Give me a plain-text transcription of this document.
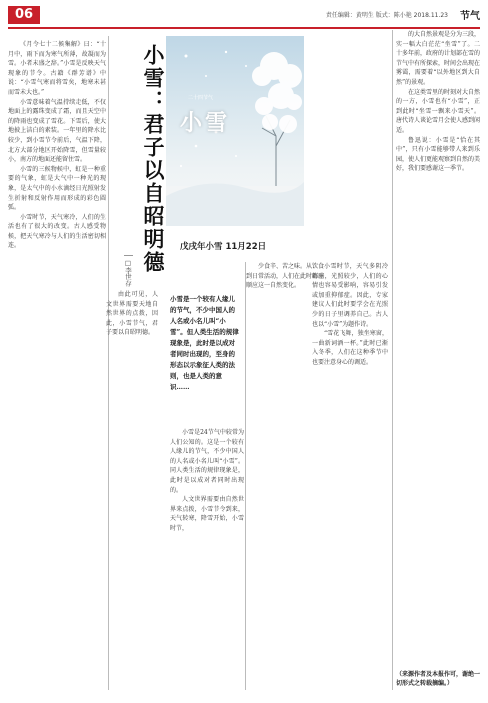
06	责任编辑：黄明生 版式：陈小艳 2018.11.23 节气

《月令七十二候集解》曰：“十月中，雨下而为寒气所薄，故凝而为雪。小者未盛之辞。”小雪是反映天气现象的节令。古籍《群芳谱》中说：“小雪气寒而将雪矣，地寒未甚而雪未大也。”

小雪意味着气温持续走低，不仅地面上的露珠变成了霜，而且天空中的降雨也变成了雪花。下雪后，使大地披上洁白的素装。一年里的降水比较少，到小雪节令前后，气温下降，北方大部分地区开始降雪，但雪量较小，南方的地面还能留住雪。

小雪的三候物候中，虹是一种重要的气象，虹是大气中一种光的现象，是太气中的小水滴经日光照射发生折射和反射作用而形成的彩色圆弧。

小雪时节，天气寒冷，人们的生活也有了很大的改变。古人感受物候，把天气寒冷与人们的生活密切相连。	小雪：君子以自昭明德
□李世存

由此可见，人文世界需要天地自然世界的点拨，因此，小雪节气，君子要以自昭明德。

二十四节气
小雪
戊戌年小雪 11月22日
小雪是一个较有人缘儿的节气，不少中国人的人名或小名儿叫“小雪”。但人类生活的规律现象是，此时是以成对者同时出现的，至身的形态以示象征人类的法则，也是人类的意识……

小雪是24节气中较常为人们公知的。这是一个较有人缘儿的节气，不少中国人的人名或小名儿叫“小雪”。同人类生活的规律现象是，此时是以成对者同时出现的。

人文世界需要由自然世界来点拨，小雪节令到来，天气转寒，降雪开始，小雪时节，

少食辛、苦之味。从饮食到日常活动，人们在此时都应顺应这一自然变化。

小雪时节，天气多阴冷晦暗，光照较少，人们的心情也容易受影响，容易引发或加重抑郁症。因此，专家建议人们此时要学会在光照少的日子里调养自己。古人也以“小雪”为题作诗。

“雪花飞舞，独坐寒窗，一曲新词酒一杯。”此时已渐入冬季，人们在这种季节中也要注意身心的调适。

的大自然景观是分为三段，实一幅大白茫茫“坐雪”了。二十多年前，政府的计划部在雪的节气中有所探索，时间会出现在雾霭，需要着“以外地区到大自然”的景观。

在这类雪里的时刻对大自然的一方，小雪也有“小雪”，正到此时“坐雪一飘来小雪天”。唐代诗人谈论雪月会使人感到闲适。

鲁迅说：小雪是“恰在其中”，只有小雪能够带人来到乐园，使人们更能观察到自然的美好，我们要感谢这一季节。

（来源作者及本报作可，谢绝一切形式之转载摘编。）
